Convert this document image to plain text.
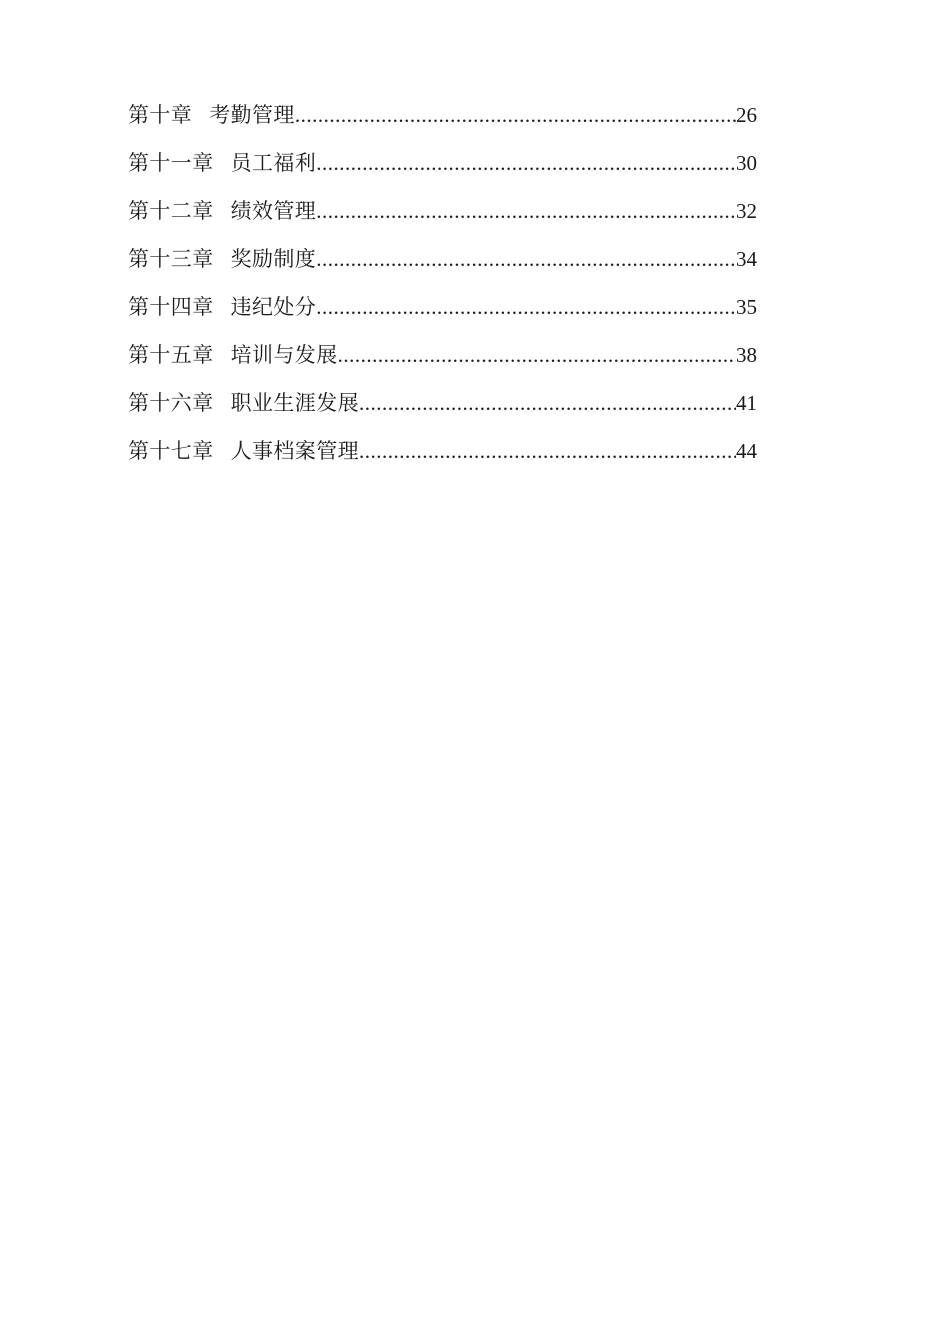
第十章 考勤管理 .....	26
第十一章 员工福利 .....	30
第十二章 绩效管理 .....	32
第十三章 奖励制度 .....	34
第十四章 违纪处分 .....	35
第十五章 培训与发展 .....	38
第十六章 职业生涯发展 .....	41
第十七章 人事档案管理 .....	44
